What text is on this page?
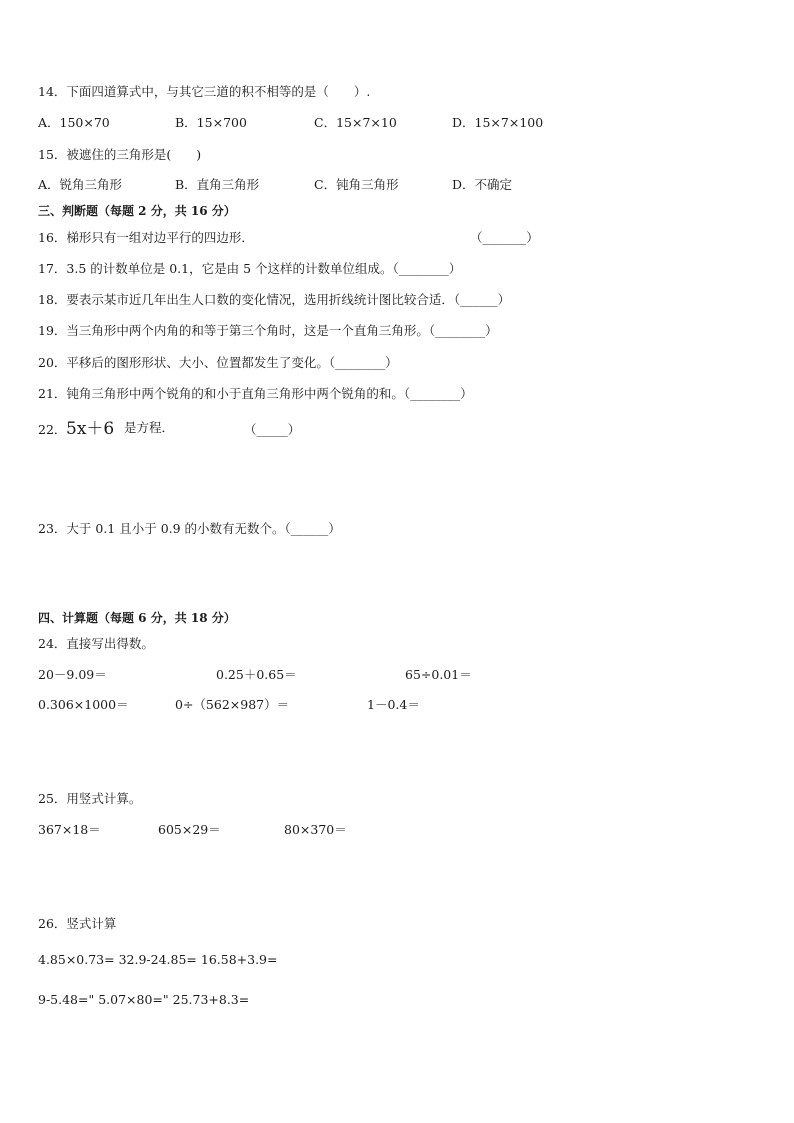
14．下面四道算式中，与其它三道的积不相等的是（　　）.
A．150×70	B．15×700	C．15×7×10	D．15×7×100
15．被遮住的三角形是(　　)
A．锐角三角形	B．直角三角形	C．钝角三角形	D．不确定
三、判断题（每题 2 分，共 16 分）
16．梯形只有一组对边平行的四边形．	（_______）
17．3.5 的计数单位是 0.1，它是由 5 个这样的计数单位组成。（________）
18．要表示某市近几年出生人口数的变化情况，选用折线统计图比较合适．（______）
19．当三角形中两个内角的和等于第三个角时，这是一个直角三角形。（________）
20．平移后的图形形状、大小、位置都发生了变化。（________）
21．钝角三角形中两个锐角的和小于直角三角形中两个锐角的和。（________）
22． 5x＋6 是方程．	（_____）
23．大于 0.1 且小于 0.9 的小数有无数个。（______）
四、计算题（每题 6 分，共 18 分）
24．直接写出得数。
20－9.09＝	0.25＋0.65＝	65÷0.01＝
0.306×1000＝	0÷（562×987）＝	1－0.4＝
25．用竖式计算。
367×18＝	605×29＝	80×370＝
26．竖式计算
4.85×0.73= 32.9-24.85= 16.58+3.9=
9-5.48=" 5.07×80=" 25.73+8.3=
